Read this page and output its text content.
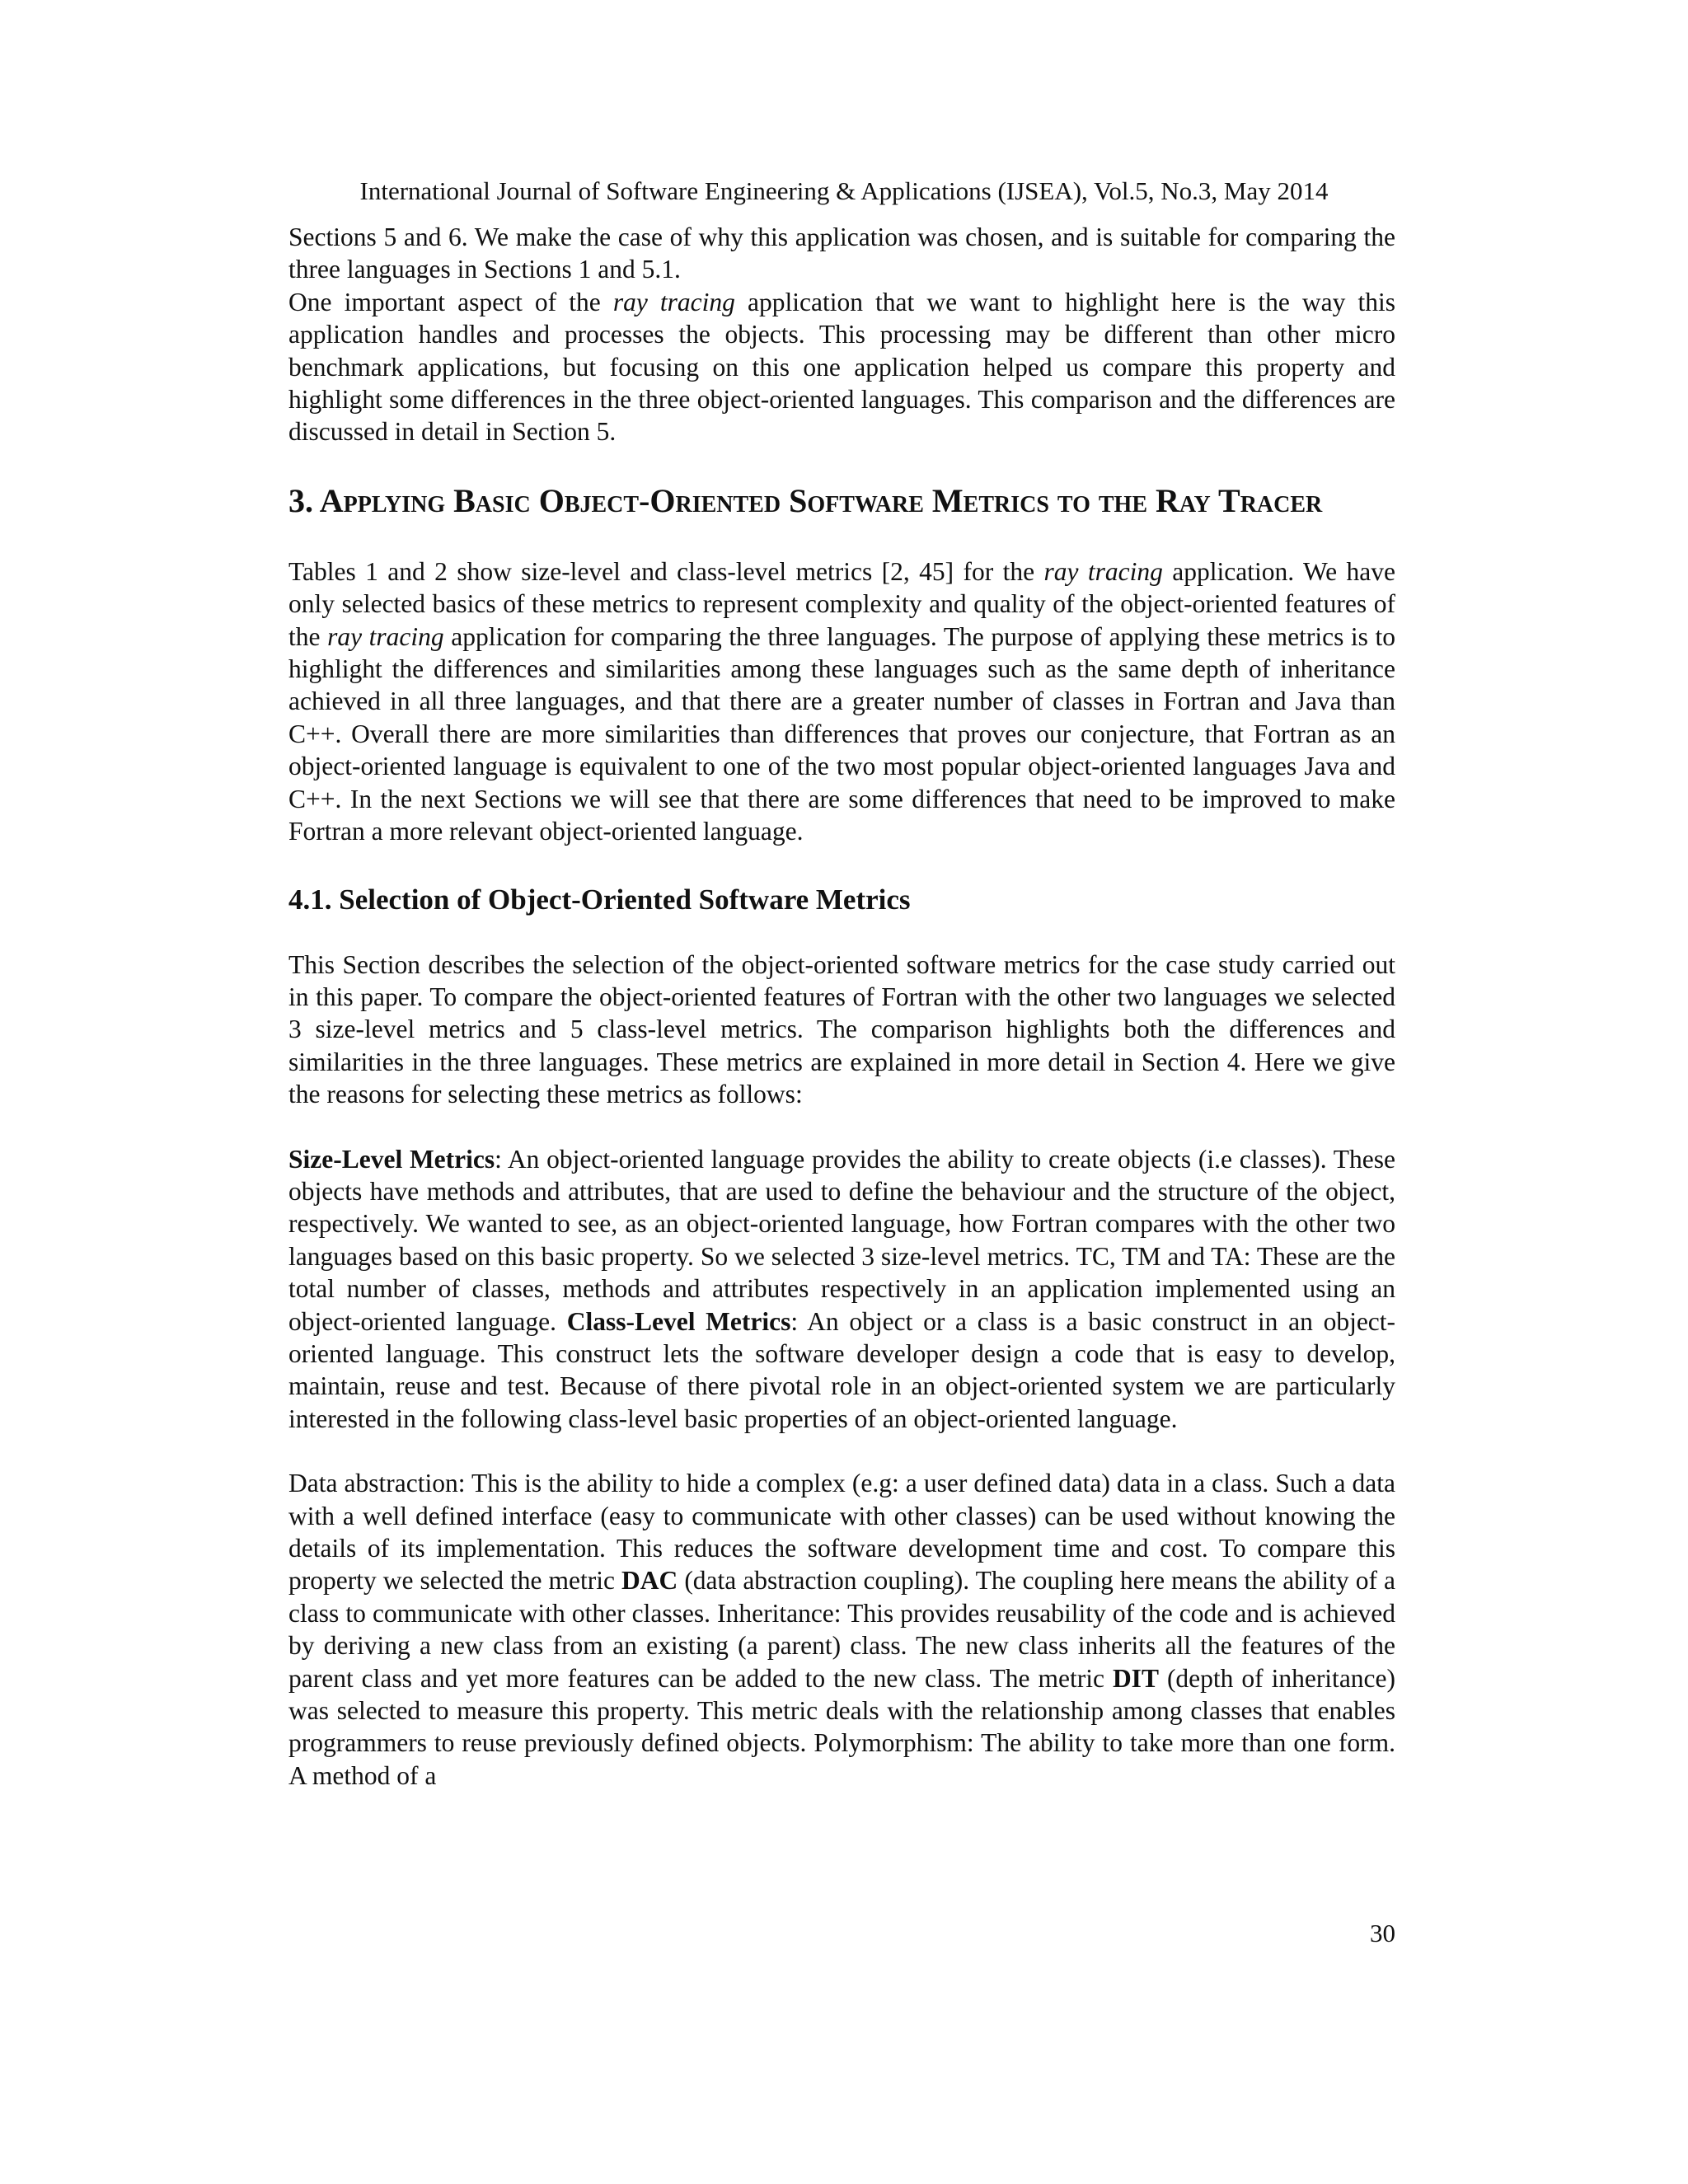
International Journal of Software Engineering & Applications (IJSEA), Vol.5, No.3, May 2014

Sections 5 and 6. We make the case of why this application was chosen, and is suitable for comparing the three languages in Sections 1 and 5.1.

One important aspect of the ray tracing application that we want to highlight here is the way this application handles and processes the objects. This processing may be different than other micro benchmark applications, but focusing on this one application helped us compare this property and highlight some differences in the three object-oriented languages. This comparison and the differences are discussed in detail in Section 5.

3. Applying Basic Object-Oriented Software Metrics to the Ray Tracer

Tables 1 and 2 show size-level and class-level metrics [2, 45] for the ray tracing application. We have only selected basics of these metrics to represent complexity and quality of the object-oriented features of the ray tracing application for comparing the three languages. The purpose of applying these metrics is to highlight the differences and similarities among these languages such as the same depth of inheritance achieved in all three languages, and that there are a greater number of classes in Fortran and Java than C++. Overall there are more similarities than differences that proves our conjecture, that Fortran as an object-oriented language is equivalent to one of the two most popular object-oriented languages Java and C++. In the next Sections we will see that there are some differences that need to be improved to make Fortran a more relevant object-oriented language.

4.1. Selection of Object-Oriented Software Metrics

This Section describes the selection of the object-oriented software metrics for the case study carried out in this paper. To compare the object-oriented features of Fortran with the other two languages we selected 3 size-level metrics and 5 class-level metrics. The comparison highlights both the differences and similarities in the three languages. These metrics are explained in more detail in Section 4. Here we give the reasons for selecting these metrics as follows:

Size-Level Metrics: An object-oriented language provides the ability to create objects (i.e classes). These objects have methods and attributes, that are used to define the behaviour and the structure of the object, respectively. We wanted to see, as an object-oriented language, how Fortran compares with the other two languages based on this basic property. So we selected 3 size-level metrics. TC, TM and TA: These are the total number of classes, methods and attributes respectively in an application implemented using an object-oriented language. Class-Level Metrics: An object or a class is a basic construct in an object-oriented language. This construct lets the software developer design a code that is easy to develop, maintain, reuse and test. Because of there pivotal role in an object-oriented system we are particularly interested in the following class-level basic properties of an object-oriented language.

Data abstraction: This is the ability to hide a complex (e.g: a user defined data) data in a class. Such a data with a well defined interface (easy to communicate with other classes) can be used without knowing the details of its implementation. This reduces the software development time and cost. To compare this property we selected the metric DAC (data abstraction coupling). The coupling here means the ability of a class to communicate with other classes. Inheritance: This provides reusability of the code and is achieved by deriving a new class from an existing (a parent) class. The new class inherits all the features of the parent class and yet more features can be added to the new class. The metric DIT (depth of inheritance) was selected to measure this property. This metric deals with the relationship among classes that enables programmers to reuse previously defined objects. Polymorphism: The ability to take more than one form. A method of a

30
